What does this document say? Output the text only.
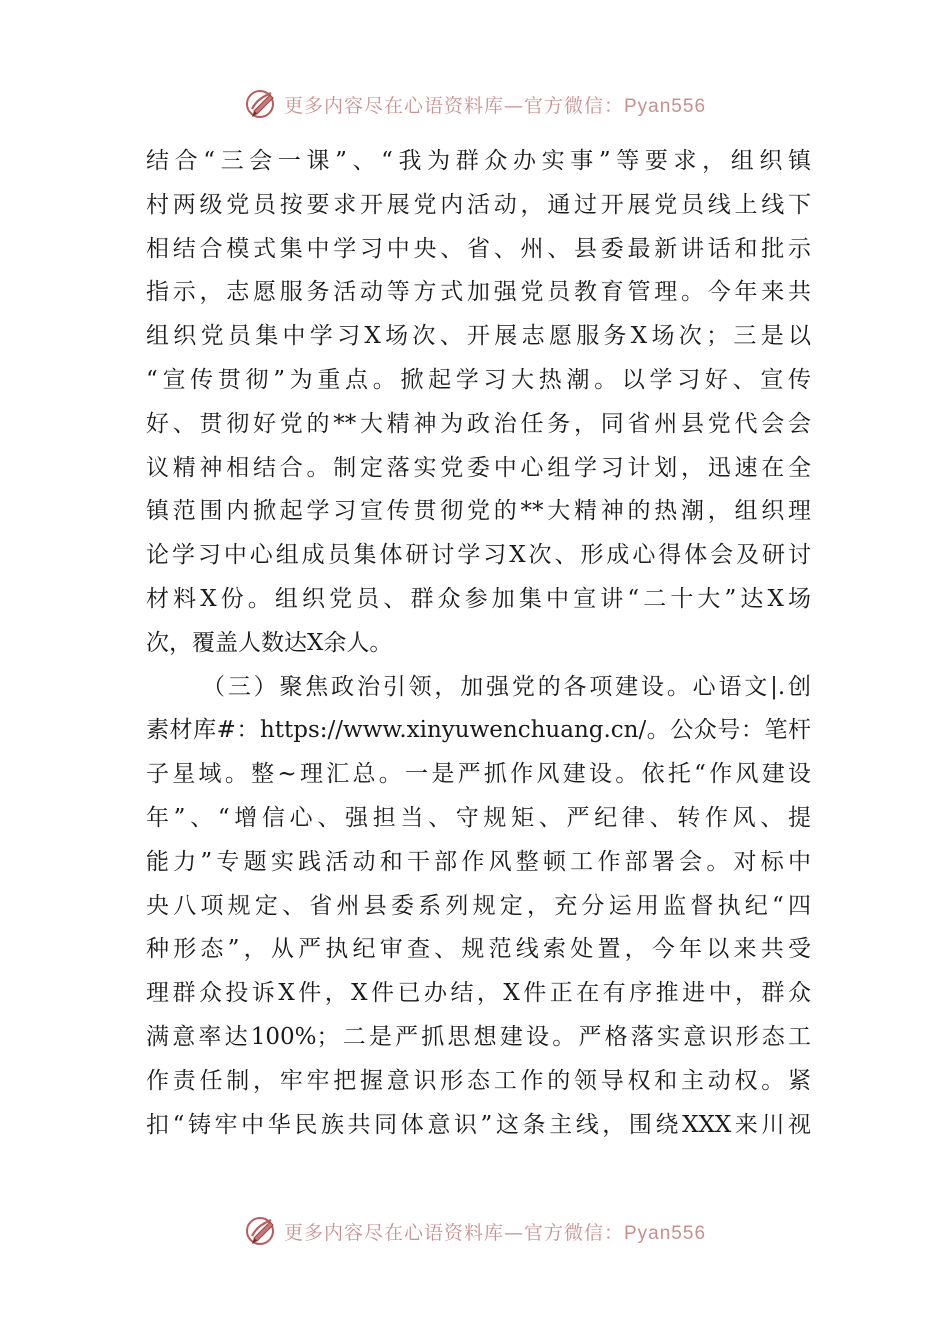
更多内容尽在心语资料库—官方微信：Pyan556
结合“三会一课”、“我为群众办实事”等要求，组织镇
村两级党员按要求开展党内活动，通过开展党员线上线下
相结合模式集中学习中央、省、州、县委最新讲话和批示
指示，志愿服务活动等方式加强党员教育管理。今年来共
组织党员集中学习X场次、开展志愿服务X场次；三是以
“宣传贯彻”为重点。掀起学习大热潮。以学习好、宣传
好、贯彻好党的**大精神为政治任务，同省州县党代会会
议精神相结合。制定落实党委中心组学习计划，迅速在全
镇范围内掀起学习宣传贯彻党的**大精神的热潮，组织理
论学习中心组成员集体研讨学习X次、形成心得体会及研讨
材料X份。组织党员、群众参加集中宣讲“二十大”达X场
次，覆盖人数达X余人。
（三）聚焦政治引领，加强党的各项建设。心语文|.创
素材库#：https://www.xinyuwenchuang.cn/。公众号：笔杆
子星域。整~理汇总。一是严抓作风建设。依托“作风建设
年”、“增信心、强担当、守规矩、严纪律、转作风、提
能力”专题实践活动和干部作风整顿工作部署会。对标中
央八项规定、省州县委系列规定，充分运用监督执纪“四
种形态”，从严执纪审查、规范线索处置，今年以来共受
理群众投诉X件，X件已办结，X件正在有序推进中，群众
满意率达100%；二是严抓思想建设。严格落实意识形态工
作责任制，牢牢把握意识形态工作的领导权和主动权。紧
扣“铸牢中华民族共同体意识”这条主线，围绕XXX来川视
更多内容尽在心语资料库—官方微信：Pyan556
